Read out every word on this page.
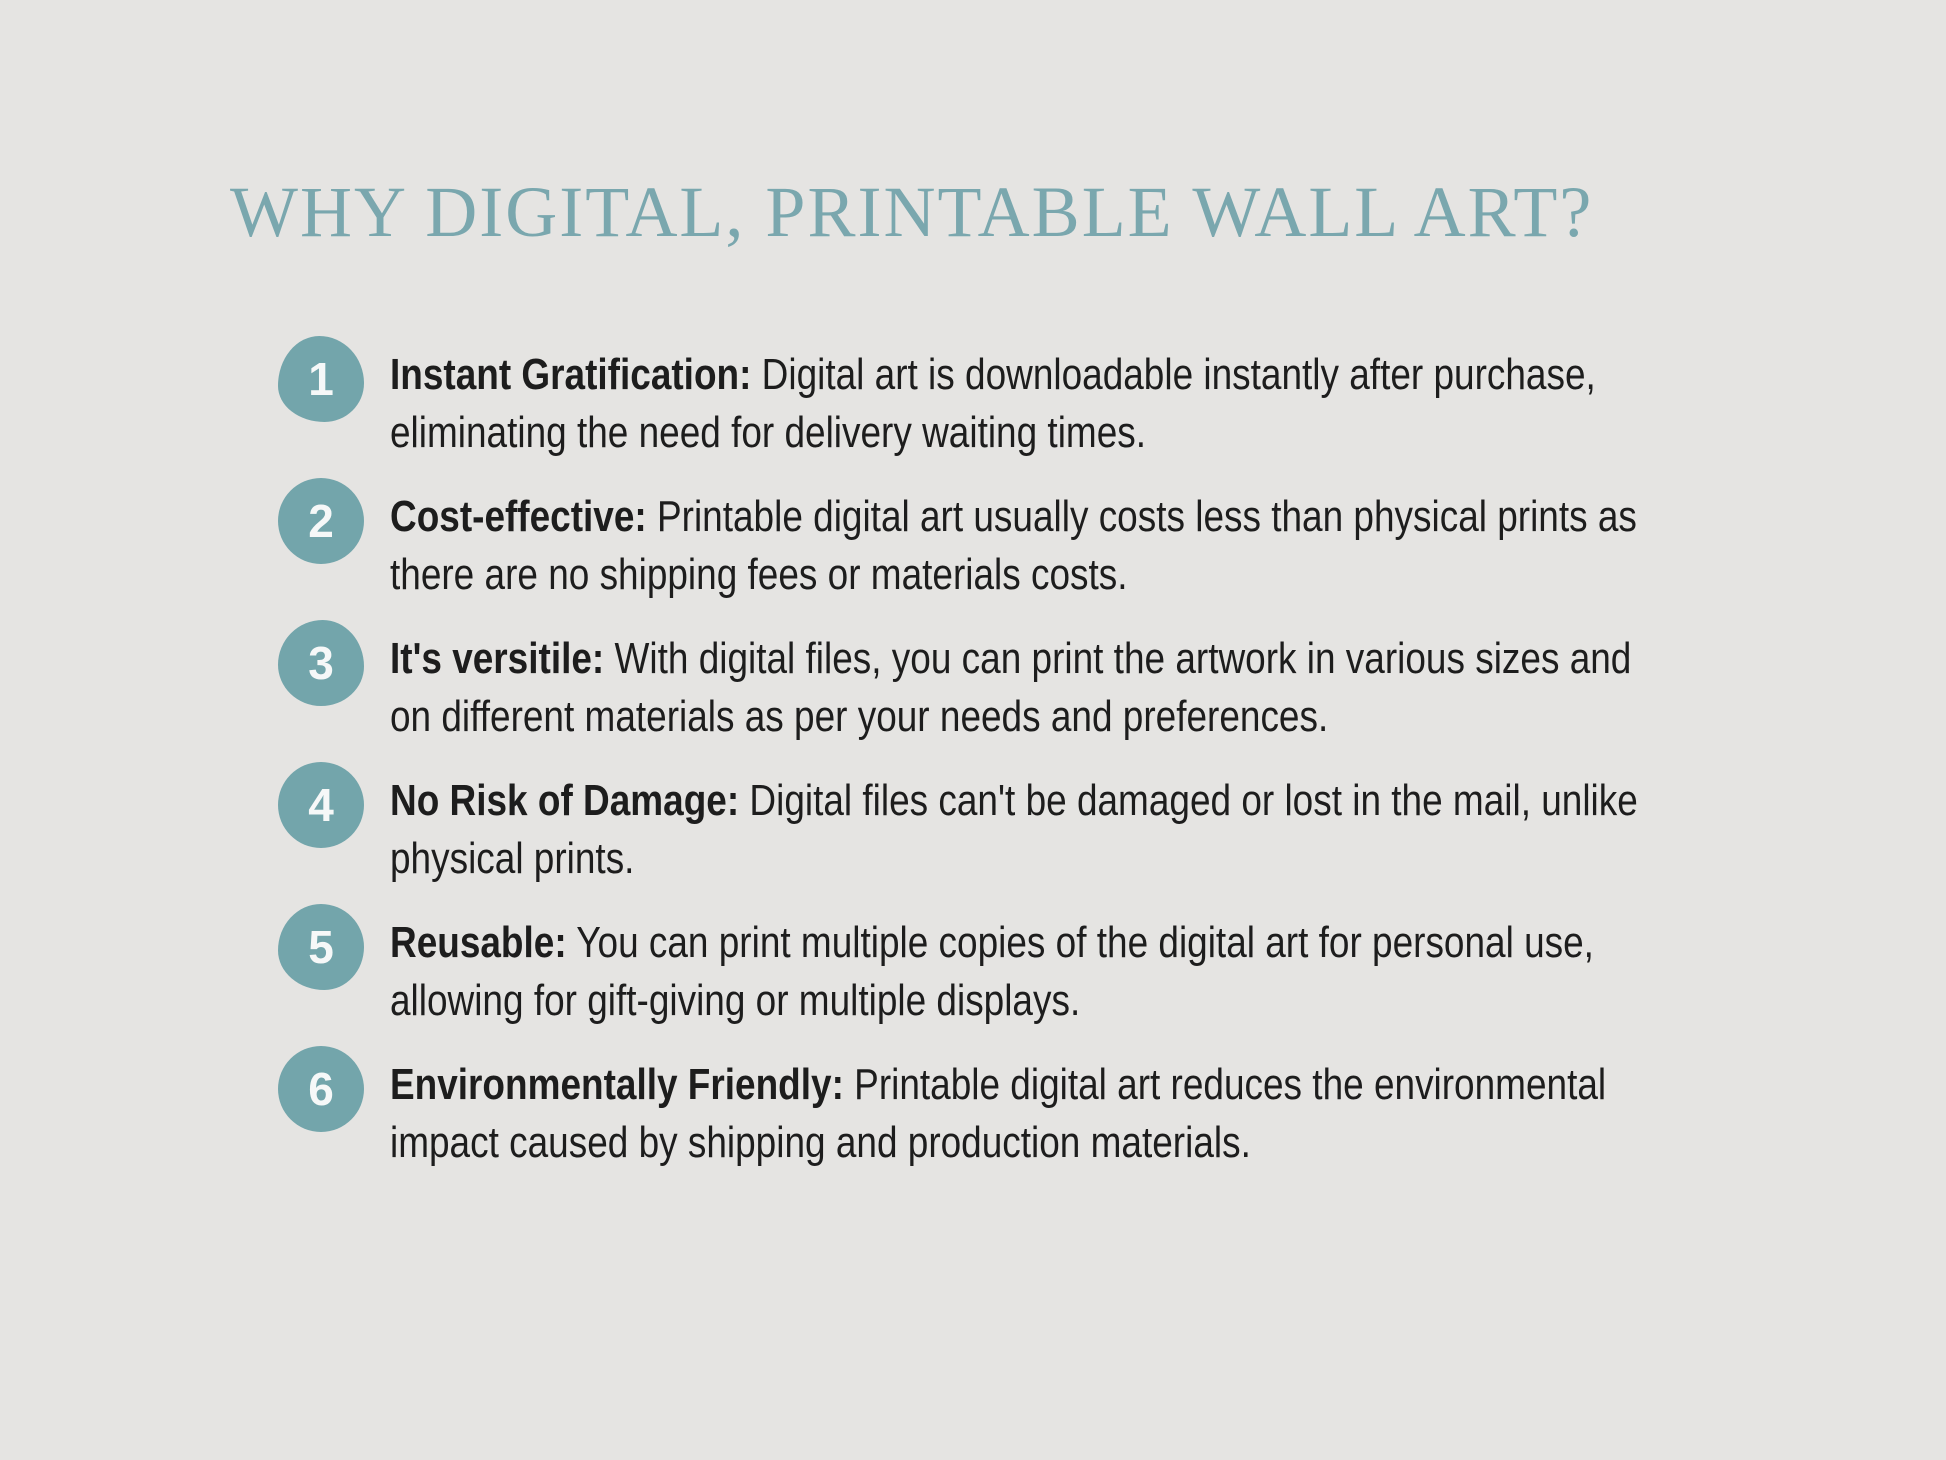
WHY DIGITAL, PRINTABLE WALL ART?
1	Instant Gratification: Digital art is downloadable instantly after purchase, eliminating the need for delivery waiting times.

2	Cost-effective: Printable digital art usually costs less than physical prints as there are no shipping fees or materials costs.

3	It's versitile: With digital files, you can print the artwork in various sizes and on different materials as per your needs and preferences.

4	No Risk of Damage: Digital files can't be damaged or lost in the mail, unlike physical prints.

5	Reusable: You can print multiple copies of the digital art for personal use, allowing for gift-giving or multiple displays.

6	Environmentally Friendly: Printable digital art reduces the environmental impact caused by shipping and production materials.
